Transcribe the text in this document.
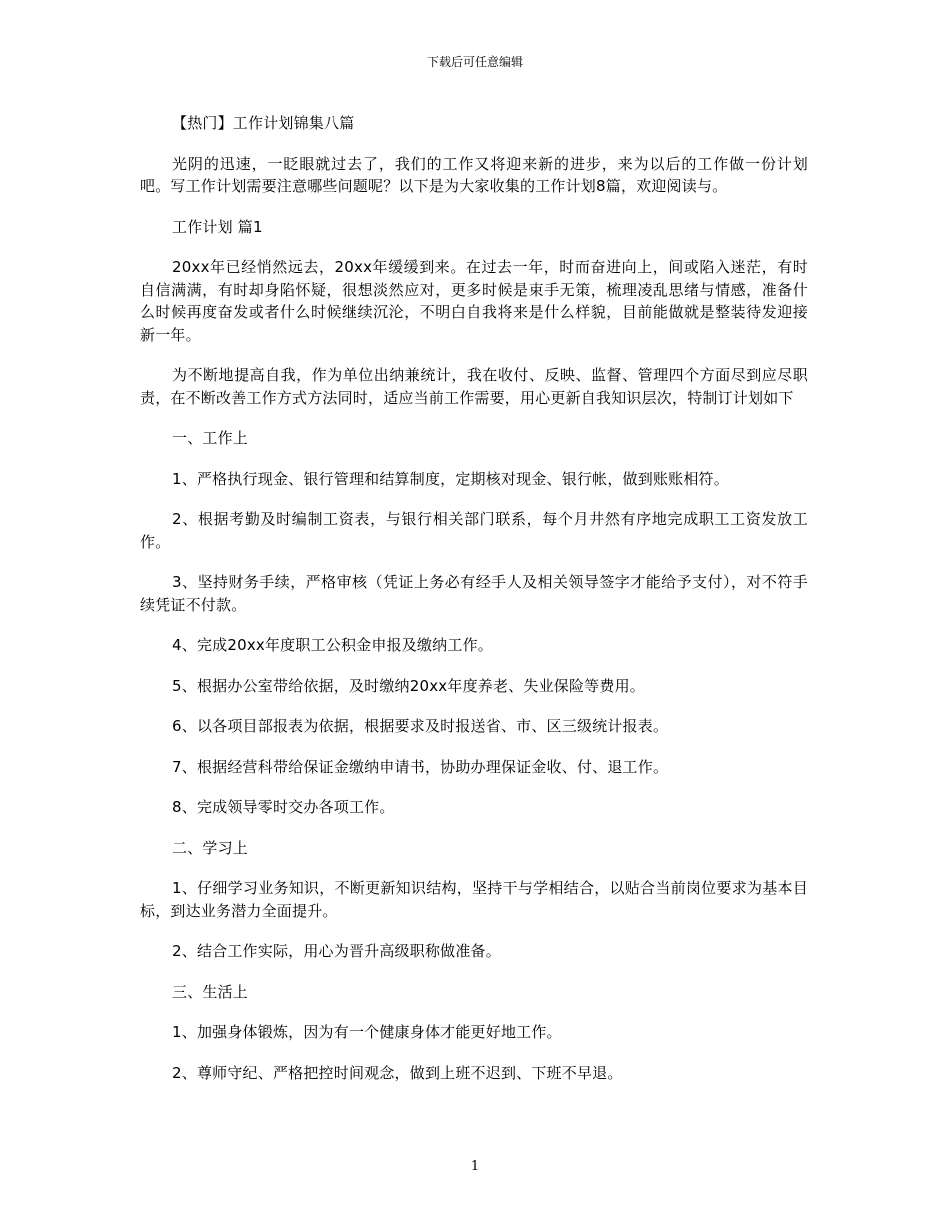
下载后可任意编辑

【热门】工作计划锦集八篇

光阴的迅速，一眨眼就过去了，我们的工作又将迎来新的进步，来为以后的工作做一份计划吧。写工作计划需要注意哪些问题呢？以下是为大家收集的工作计划8篇，欢迎阅读与。

工作计划 篇1

20xx年已经悄然远去，20xx年缓缓到来。在过去一年，时而奋进向上，间或陷入迷茫，有时自信满满，有时却身陷怀疑，很想淡然应对，更多时候是束手无策，梳理凌乱思绪与情感，准备什么时候再度奋发或者什么时候继续沉沦，不明白自我将来是什么样貌，目前能做就是整装待发迎接新一年。

为不断地提高自我，作为单位出纳兼统计，我在收付、反映、监督、管理四个方面尽到应尽职责，在不断改善工作方式方法同时，适应当前工作需要，用心更新自我知识层次，特制订计划如下

一、工作上

1、严格执行现金、银行管理和结算制度，定期核对现金、银行帐，做到账账相符。

2、根据考勤及时编制工资表，与银行相关部门联系，每个月井然有序地完成职工工资发放工作。

3、坚持财务手续，严格审核（凭证上务必有经手人及相关领导签字才能给予支付），对不符手续凭证不付款。

4、完成20xx年度职工公积金申报及缴纳工作。

5、根据办公室带给依据，及时缴纳20xx年度养老、失业保险等费用。

6、以各项目部报表为依据，根据要求及时报送省、市、区三级统计报表。

7、根据经营科带给保证金缴纳申请书，协助办理保证金收、付、退工作。

8、完成领导零时交办各项工作。

二、学习上

1、仔细学习业务知识，不断更新知识结构，坚持干与学相结合，以贴合当前岗位要求为基本目标，到达业务潜力全面提升。

2、结合工作实际，用心为晋升高级职称做准备。

三、生活上

1、加强身体锻炼，因为有一个健康身体才能更好地工作。

2、尊师守纪、严格把控时间观念，做到上班不迟到、下班不早退。

1
